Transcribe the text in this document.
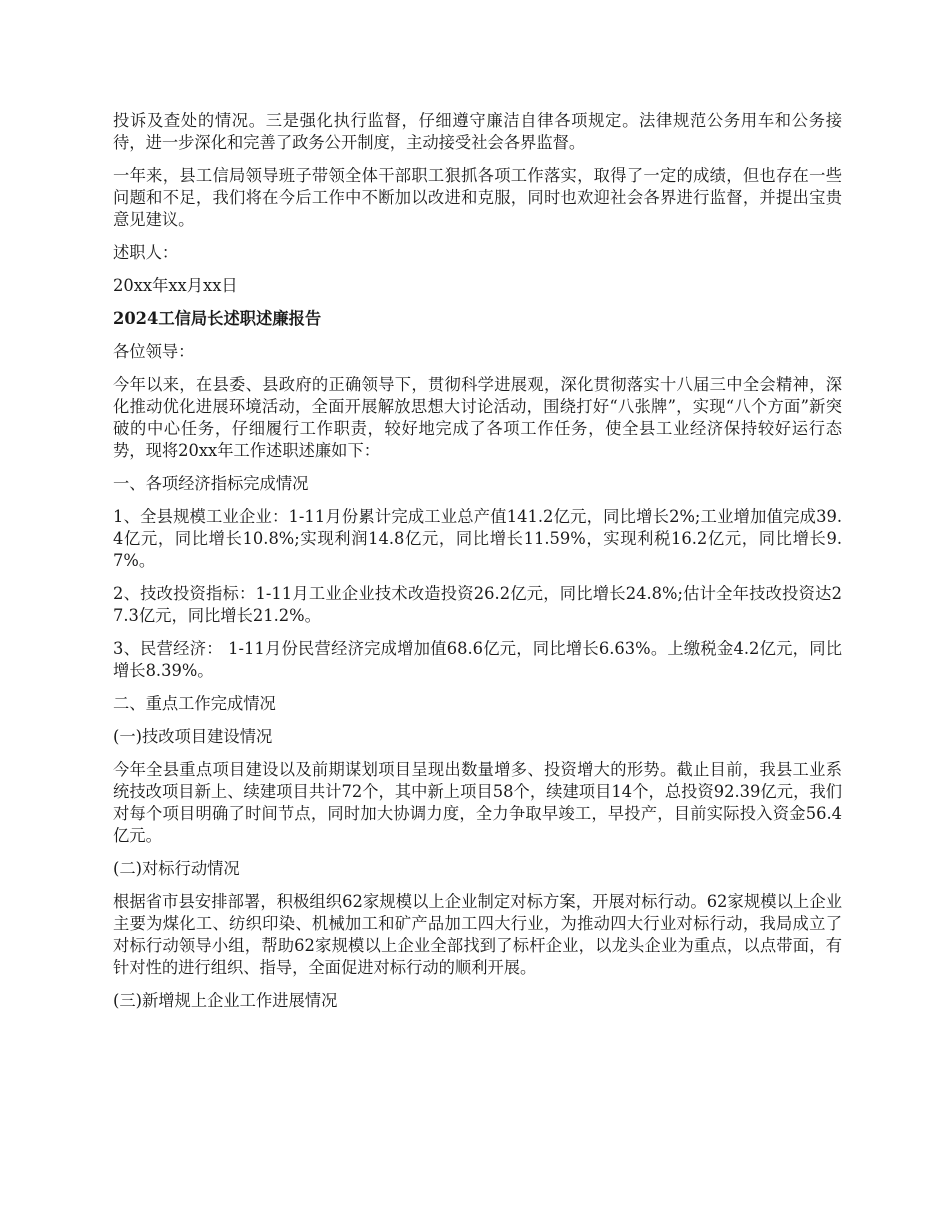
投诉及查处的情况。三是强化执行监督，仔细遵守廉洁自律各项规定。法律规范公务用车和公务接待，进一步深化和完善了政务公开制度，主动接受社会各界监督。

一年来，县工信局领导班子带领全体干部职工狠抓各项工作落实，取得了一定的成绩，但也存在一些问题和不足，我们将在今后工作中不断加以改进和克服，同时也欢迎社会各界进行监督，并提出宝贵意见建议。

述职人：

20xx年xx月xx日

2024工信局长述职述廉报告

各位领导：

今年以来，在县委、县政府的正确领导下，贯彻科学进展观，深化贯彻落实十八届三中全会精神，深化推动优化进展环境活动，全面开展解放思想大讨论活动，围绕打好“八张牌”，实现“八个方面”新突破的中心任务，仔细履行工作职责，较好地完成了各项工作任务，使全县工业经济保持较好运行态势，现将20xx年工作述职述廉如下：

一、各项经济指标完成情况

1、全县规模工业企业：1-11月份累计完成工业总产值141.2亿元，同比增长2%;工业增加值完成39.4亿元，同比增长10.8%;实现利润14.8亿元，同比增长11.59%，实现利税16.2亿元，同比增长9.7%。

2、技改投资指标：1-11月工业企业技术改造投资26.2亿元，同比增长24.8%;估计全年技改投资达27.3亿元，同比增长21.2%。

3、民营经济： 1-11月份民营经济完成增加值68.6亿元，同比增长6.63%。上缴税金4.2亿元，同比增长8.39%。

二、重点工作完成情况

(一)技改项目建设情况

今年全县重点项目建设以及前期谋划项目呈现出数量增多、投资增大的形势。截止目前，我县工业系统技改项目新上、续建项目共计72个，其中新上项目58个，续建项目14个，总投资92.39亿元，我们对每个项目明确了时间节点，同时加大协调力度，全力争取早竣工，早投产，目前实际投入资金56.4亿元。

(二)对标行动情况

根据省市县安排部署，积极组织62家规模以上企业制定对标方案，开展对标行动。62家规模以上企业主要为煤化工、纺织印染、机械加工和矿产品加工四大行业，为推动四大行业对标行动，我局成立了对标行动领导小组，帮助62家规模以上企业全部找到了标杆企业，以龙头企业为重点，以点带面，有针对性的进行组织、指导，全面促进对标行动的顺利开展。

(三)新增规上企业工作进展情况
